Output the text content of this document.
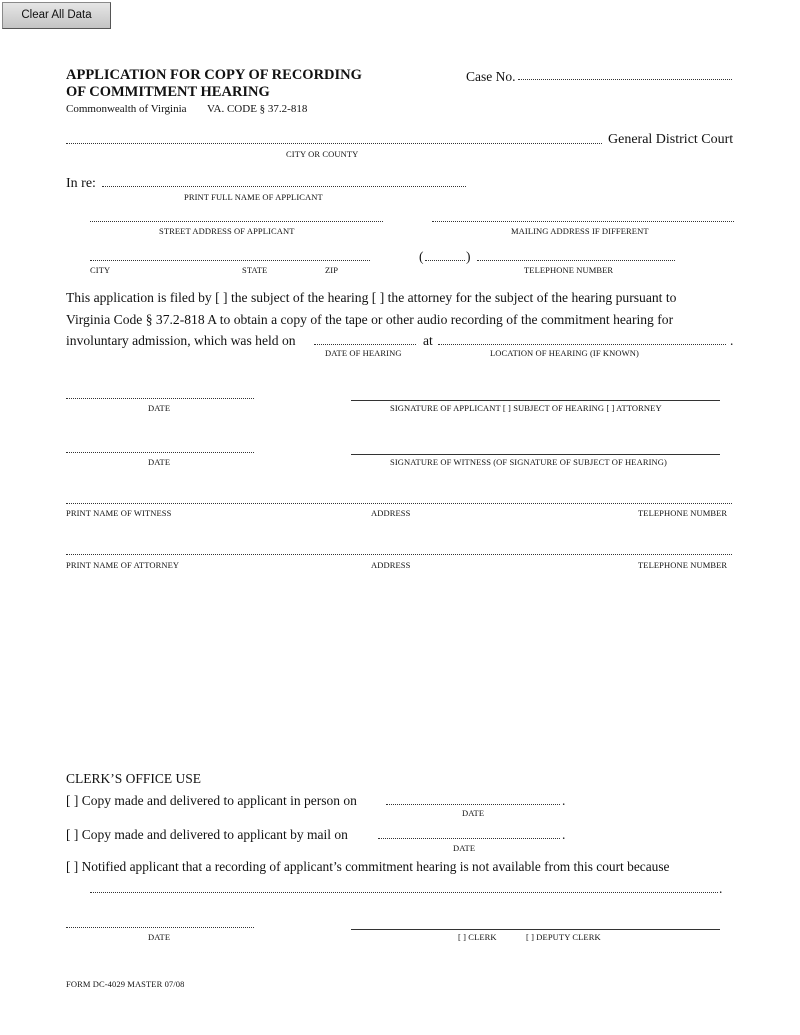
Clear All Data
APPLICATION FOR COPY OF RECORDING
OF COMMITMENT HEARING
Commonwealth of Virginia VA. CODE § 37.2-818
Case No.
General District Court
CITY OR COUNTY
In re:
PRINT FULL NAME OF APPLICANT
STREET ADDRESS OF APPLICANT	MAILING ADDRESS IF DIFFERENT
(	)
CITY	STATE	ZIP	TELEPHONE NUMBER
This application is filed by [ ] the subject of the hearing [ ] the attorney for the subject of the hearing pursuant to
Virginia Code § 37.2-818 A to obtain a copy of the tape or other audio recording of the commitment hearing for
involuntary admission, which was held on	at	.
DATE OF HEARING	LOCATION OF HEARING (IF KNOWN)
DATE	SIGNATURE OF APPLICANT [ ] SUBJECT OF HEARING [ ] ATTORNEY
DATE	SIGNATURE OF WITNESS (OF SIGNATURE OF SUBJECT OF HEARING)
PRINT NAME OF WITNESS	ADDRESS	TELEPHONE NUMBER
PRINT NAME OF ATTORNEY	ADDRESS	TELEPHONE NUMBER
CLERK’S OFFICE USE
[ ] Copy made and delivered to applicant in person on	.
DATE
[ ] Copy made and delivered to applicant by mail on	.
DATE
[ ] Notified applicant that a recording of applicant’s commitment hearing is not available from this court because
.
DATE	[ ] CLERK	[ ] DEPUTY CLERK
FORM DC-4029 MASTER 07/08
